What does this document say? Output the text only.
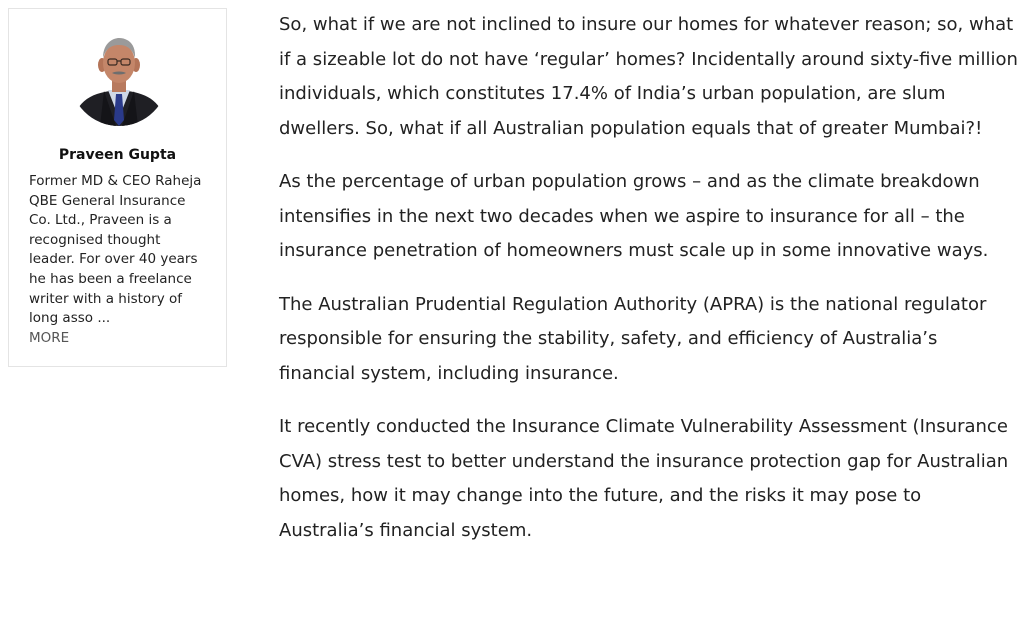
Praveen Gupta

Former MD & CEO Raheja QBE General Insurance Co. Ltd., Praveen is a recognised thought leader. For over 40 years he has been a freelance writer with a history of long asso ...

MORE

So, what if we are not inclined to insure our homes for whatever reason; so, what if a sizeable lot do not have ‘regular’ homes? Incidentally around sixty-five million individuals, which constitutes 17.4% of India’s urban population, are slum dwellers. So, what if all Australian population equals that of greater Mumbai?!

As the percentage of urban population grows – and as the climate breakdown intensifies in the next two decades when we aspire to insurance for all – the insurance penetration of homeowners must scale up in some innovative ways.

The Australian Prudential Regulation Authority (APRA) is the national regulator responsible for ensuring the stability, safety, and efficiency of Australia’s financial system, including insurance.

It recently conducted the Insurance Climate Vulnerability Assessment (Insurance CVA) stress test to better understand the insurance protection gap for Australian homes, how it may change into the future, and the risks it may pose to Australia’s financial system.
